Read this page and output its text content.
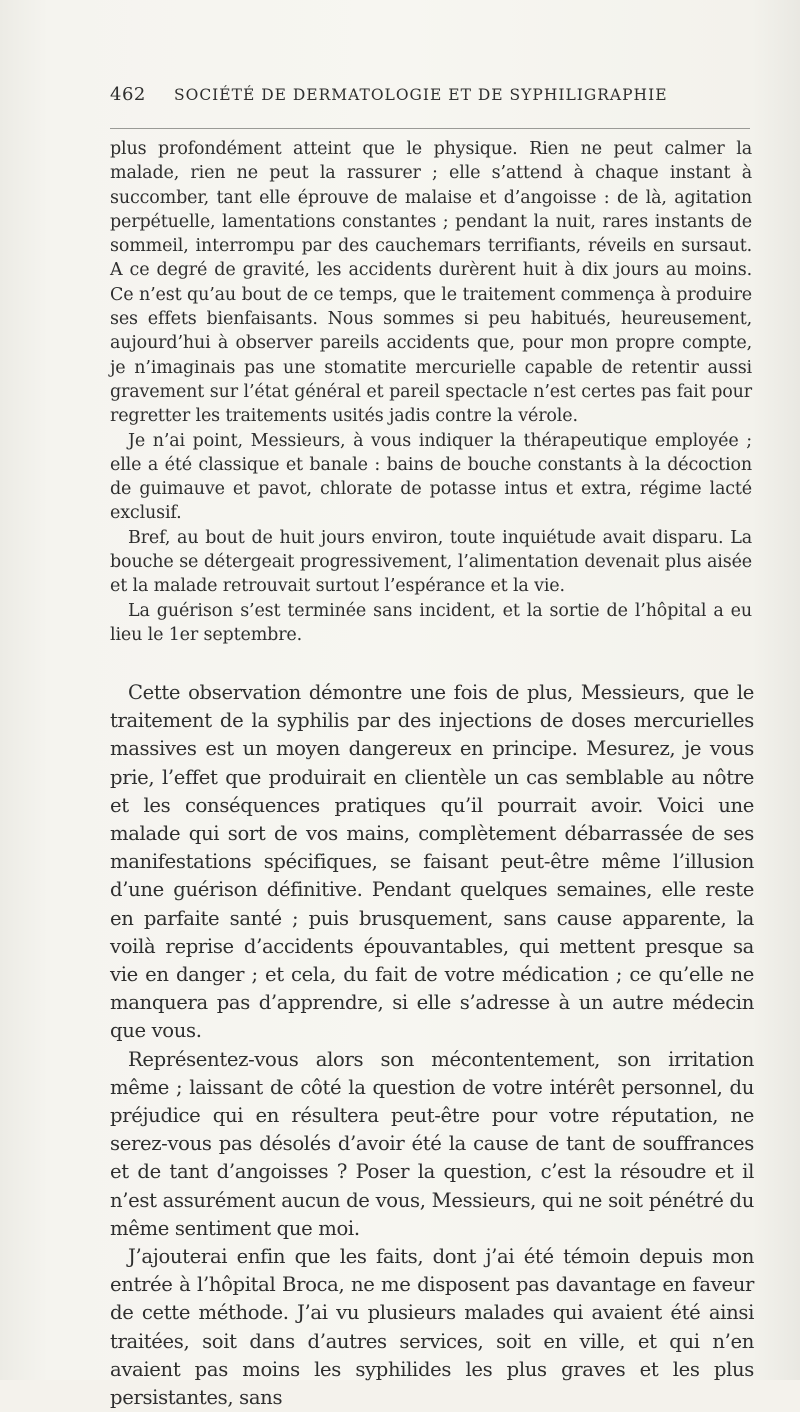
462 SOCIÉTÉ DE DERMATOLOGIE ET DE SYPHILIGRAPHIE

plus profondément atteint que le physique. Rien ne peut calmer la malade, rien ne peut la rassurer ; elle s’attend à chaque instant à succomber, tant elle éprouve de malaise et d’angoisse : de là, agitation perpétuelle, lamentations constantes ; pendant la nuit, rares instants de sommeil, interrompu par des cauchemars terrifiants, réveils en sursaut. A ce degré de gravité, les accidents durèrent huit à dix jours au moins. Ce n’est qu’au bout de ce temps, que le traitement commença à produire ses effets bienfaisants. Nous sommes si peu habitués, heureusement, aujourd’hui à observer pareils accidents que, pour mon propre compte, je n’imaginais pas une stomatite mercurielle capable de retentir aussi gravement sur l’état général et pareil spectacle n’est certes pas fait pour regretter les traitements usités jadis contre la vérole.

Je n’ai point, Messieurs, à vous indiquer la thérapeutique employée ; elle a été classique et banale : bains de bouche constants à la décoction de guimauve et pavot, chlorate de potasse intus et extra, régime lacté exclusif.

Bref, au bout de huit jours environ, toute inquiétude avait disparu. La bouche se détergeait progressivement, l’alimentation devenait plus aisée et la malade retrouvait surtout l’espérance et la vie.

La guérison s’est terminée sans incident, et la sortie de l’hôpital a eu lieu le 1er septembre.

Cette observation démontre une fois de plus, Messieurs, que le traitement de la syphilis par des injections de doses mercurielles massives est un moyen dangereux en principe. Mesurez, je vous prie, l’effet que produirait en clientèle un cas semblable au nôtre et les conséquences pratiques qu’il pourrait avoir. Voici une malade qui sort de vos mains, complètement débarrassée de ses manifestations spécifiques, se faisant peut-être même l’illusion d’une guérison définitive. Pendant quelques semaines, elle reste en parfaite santé ; puis brusquement, sans cause apparente, la voilà reprise d’accidents épouvantables, qui mettent presque sa vie en danger ; et cela, du fait de votre médication ; ce qu’elle ne manquera pas d’apprendre, si elle s’adresse à un autre médecin que vous.

Représentez-vous alors son mécontentement, son irritation même ; laissant de côté la question de votre intérêt personnel, du préjudice qui en résultera peut-être pour votre réputation, ne serez-vous pas désolés d’avoir été la cause de tant de souffrances et de tant d’angoisses ? Poser la question, c’est la résoudre et il n’est assurément aucun de vous, Messieurs, qui ne soit pénétré du même sentiment que moi.

J’ajouterai enfin que les faits, dont j’ai été témoin depuis mon entrée à l’hôpital Broca, ne me disposent pas davantage en faveur de cette méthode. J’ai vu plusieurs malades qui avaient été ainsi traitées, soit dans d’autres services, soit en ville, et qui n’en avaient pas moins les syphilides les plus graves et les plus persistantes, sans
